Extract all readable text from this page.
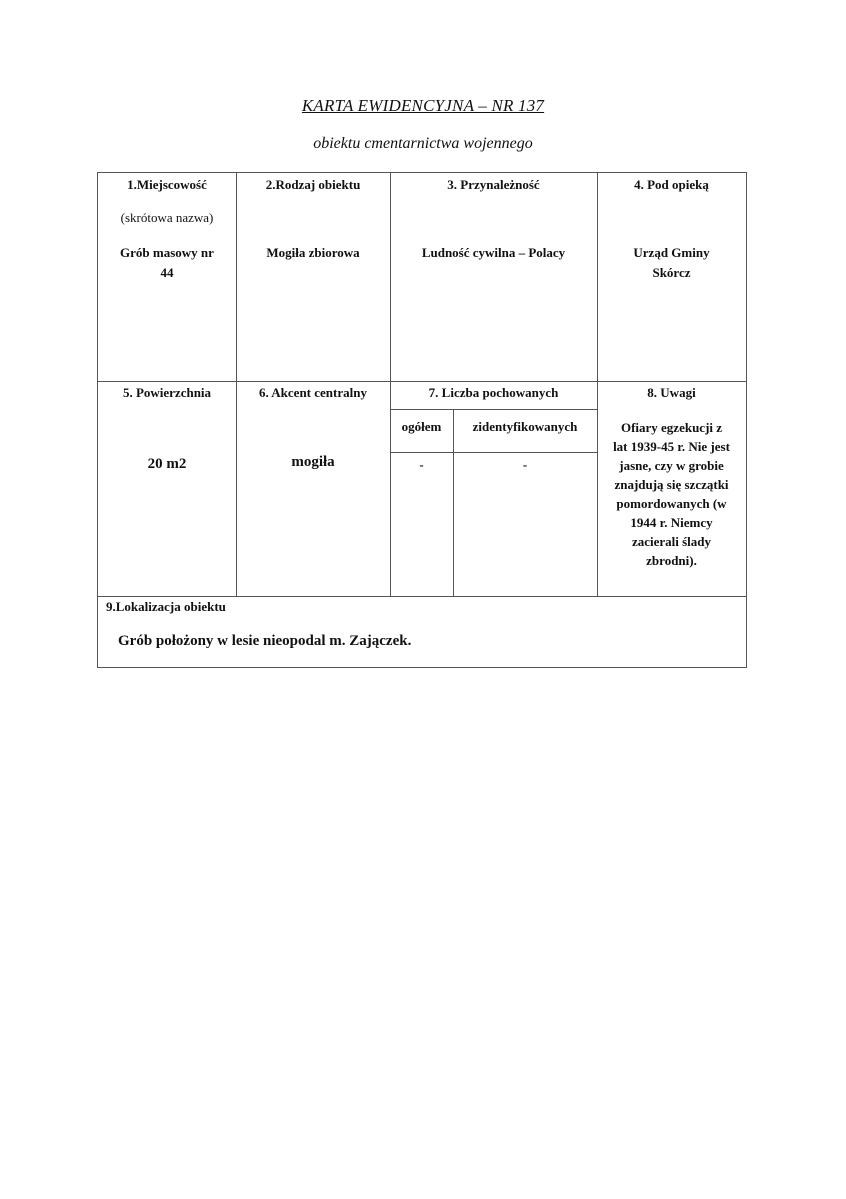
KARTA EWIDENCYJNA – NR 137
obiektu cmentarnictwa wojennego
1.Miejscowość
(skrótowa nazwa)
Grób masowy nr
44
2.Rodzaj obiektu
Mogiła zbiorowa
3. Przynależność
Ludność cywilna – Polacy
4. Pod opieką
Urząd Gminy
Skórcz
5. Powierzchnia
20 m2
6. Akcent centralny
mogiła
7. Liczba pochowanych
ogółem	zidentyfikowanych
-	-
8. Uwagi
Ofiary egzekucji z
lat 1939-45 r. Nie jest
jasne, czy w grobie
znajdują się szczątki
pomordowanych (w
1944 r. Niemcy
zacierali ślady
zbrodni).
9.Lokalizacja obiektu
Grób położony w lesie nieopodal m. Zajączek.
